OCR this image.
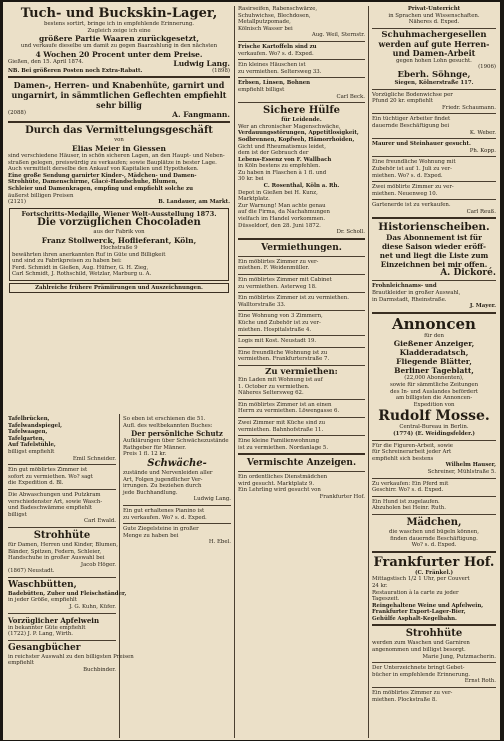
Tuch- und Buckskin-Lager,

bestens sortirt, bringe ich in empfehlende Erinnerung.

Zugleich zeige ich eine

größere Partie Waaren zurückgesetzt,

und verkaufe dieselbe um damit zu gegen Baarzahlung in den nächsten

4 Wochen 20 Procent unter dem Preise.

Gießen, den 15. April 1874.	Ludwig Lang.

NB. Bei größeren Posten noch Extra-Rabatt.	(1898)

Damen-, Herren- und Knabenhüte, garnirt und ungarnirt, in sämmtlichen Geflechten empfiehlt sehr billig

(2088)	A. Fangmann.
Durch das Vermittelungsgeschäft

von

Elias Meier in Giessen

sind verschiedene Häuser, in schön sicheren Lagen, an den Haupt- und Neben-

straßen gelegen, preiswürdig zu verkaufen; sowie Bauplätze in bester Lage.

Auch vermittelt derselbe den Ankauf von Kapitalien und Hypotheken.

Eine große Sendung garnirter Kinder-, Mädchen- und Damen-

Strohhüte, Damenschirme, Glacé-Handschuhe, Blumen,

Schleier und Damenkragen, empfing und empfiehlt solche zu

äußerst billigen Preisen

(2121)	B. Landauer, am Markt.

Fortschritts-Medaille, Wiener Welt-Ausstellung 1873.

Die vorzüglichen Chocoladen

aus der Fabrik von

Franz Stollwerck, Hoflieferant, Köln,

Hochstraße 9

bewährten ihren anerkannten Ruf in Güte und Billigkeit

und sind zu Fabrikpreisen zu haben bei:

Ferd. Schmidt in Gießen, Aug. Hüfner, G. H. Zieg,

Carl Schmidt, J. Rothschild, Wetzlar, Marburg u. A.

Zahlreiche frühere Prämiirungen und Auszeichnungen.

Tafelbrücken,

Tafelwandspiegel,

Tafelwaagen,

Tafelgarten,

Auf Tafelstühle,

billigst empfiehlt

Emil Schneider.

Ein gut möblirtes Zimmer ist

sofort zu vermiethen. Wo? sagt

die Expedition d. Bl.

Die Abwaschungen und Putzkram

verschiedenster Art, sowie Wasch-

und Badeschwämme empfiehlt

billigst

Carl Ewald.

Strohhüte

für Damen, Herren und Kinder, Blumen,

Bänder, Spitzen, Federn, Schleier,

Handschuhe in großer Auswahl bei

Jacob Höger.

(1867) Neustadt.

Waschbütten,

Badebütten, Zuber und Fleischständer,

in jeder Größe, empfiehlt

J. G. Kuhn, Küfer.

Vorzüglicher Apfelwein

in bekannter Güte empfiehlt

(1722) J. P. Lang, Wirth.

Gesangbücher

in reichster Auswahl zu den billigsten Preisen

empfiehlt

Buchbinder.

So eben ist erschienen die 51.

Aufl. des weltbekannten Buches:

Der persönliche Schutz

Aufklärungen über Schwächezustände

Rathgeber für Männer.

Preis 1 fl. 12 kr.

Schwäche-

zustände und Nervenleiden aller

Art, Folgen jugendlicher Ver-

irrungen. Zu beziehen durch

jede Buchhandlung.

Ludwig Lang.

Ein gut erhaltenes Pianino ist

zu verkaufen. Wo? s. d. Exped.

Gute Ziegelsteine in großer

Menge zu haben bei

H. Ebel.

Rasirseifen, Rabenschwärze,

Schuhwichse, Blechdosen,

Metallputzpomade,

Kölnisch Wasser bei

Aug. Weil, Sternstr.

Frische Kartoffeln sind zu

verkaufen. Wo? s. d. Exped.

Ein kleines Häuschen ist

zu vermiethen. Seltersweg 33.

Erbsen, Linsen, Bohnen

empfiehlt billigst

Carl Beck.

Sichere Hülfe

für Leidende.

Wer an chronischer Magenschwäche,

Verdauungsstörungen, Appetitlosigkeit,

Sodbrennen, Kopfweh, Hämorrhoiden,

Gicht und Rheumatismus leidet,

dem ist der Gebrauch der

Lebens-Essenz von F. Wallbach

in Köln bestens zu empfehlen.

Zu haben in Flaschen à 1 fl. und

30 kr. bei

C. Rosenthal, Köln a. Rh.

Depot in Gießen bei H. Kunz,

Marktplatz.

Zur Warnung! Man achte genau

auf die Firma, da Nachahmungen

vielfach im Handel vorkommen.

Düsseldorf, den 28. Juni 1872.

Dr. Scholl.

Vermiethungen.

Ein möblirtes Zimmer zu ver-

miethen. F. Weidenmüller.

Ein möblirtes Zimmer mit Cabinet

zu vermiethen. Asterweg 18.

Ein möblirtes Zimmer ist zu vermiethen.

Walltorstraße 33.

Eine Wohnung von 3 Zimmern,

Küche und Zubehör ist zu ver-

miethen. Hospitalstraße 4.

Logis mit Kost. Neustadt 19.

Eine freundliche Wohnung ist zu

vermiethen. Frankfurterstraße 7.

Zu vermiethen:

Ein Laden mit Wohnung ist auf

1. October zu vermiethen.

Näheres Seltersweg 62.

Ein möblirtes Zimmer ist an einen

Herrn zu vermiethen. Löwengasse 6.

Zwei Zimmer mit Küche sind zu

vermiethen. Bahnhofstraße 11.

Eine kleine Familienwohnung

ist zu vermiethen. Nordanlage 5.

Vermischte Anzeigen.

Ein ordentliches Dienstmädchen

wird gesucht. Marktplatz 9.

Ein Lehrling wird gesucht von

Frankfurter Hof.

Privat-Unterricht

in Sprachen und Wissenschaften.

Näheres d. Exped.

Schuhmachergesellen
werden auf gute Herren-
und Damen-Arbeit

gegen hohen Lohn gesucht.

(1906)

Eberh. Söhnge,

Siegen, Kölnerstraße 117.

Vorzügliche Bodenwichse per

Pfund 20 kr. empfiehlt

Friedr. Schaumann.

Ein tüchtiger Arbeiter findet

dauernde Beschäftigung bei

K. Weber.

Maurer und Steinhauer gesucht.

Ph. Kopp.

Eine freundliche Wohnung mit

Zubehör ist auf 1. Juli zu ver-

miethen. Wo? s. d. Exped.

Zwei möblirte Zimmer zu ver-

miethen. Neuenweg 10.

Gartenerde ist zu verkaufen.

Carl Reuß.

Historienscheiben.
Das Abonnement ist für
diese Saison wieder eröff-
net und liegt die Liste zum
Einzeichnen bei mir offen.
A. Dickoré.

Frohnleichnams- und

Brautkleider in großer Auswahl,

in Darmstadt, Rheinstraße.

J. Mayer.

Annoncen

für den

Gießener Anzeiger,
Kladderadatsch,
Fliegende Blätter,
Berliner Tageblatt,

(22,000 Abonnenten),

sowie für sämmtliche Zeitungen

des In- und Auslandes befördert

am billigsten die Annoncen-

Expedition von

Rudolf Mosse.

Central-Bureau in Berlin.

(1774) (E. Weidingsfelder.)

Für die Figuren-Arbeit, sowie

für Schreinerarbeit jeder Art

empfiehlt sich bestens

Wilhelm Hauser,

Schreiner, Mühlstraße 5.

Zu verkaufen: Ein Pferd mit

Geschirr. Wo? s. d. Exped.

Ein Hund ist zugelaufen.

Abzuholen bei Heinr. Ruth.

Mädchen,

die waschen und bügeln können,

finden dauernde Beschäftigung.

Wo? s. d. Exped.

Frankfurter Hof.

(C. Fränkel.)

Mittagstisch 1/2 1 Uhr, per Couvert

24 kr.

Restauration à la carte zu jeder

Tageszeit.

Reingehaltene Weine und Apfelwein,

Frankfurter Export-Lager-Bier,

Gehülfe Asphalt-Kegelbahn.

Strohhüte

werden zum Waschen und Garniren

angenommen und billigst besorgt.

Marie Jung, Putzmacherin.

Der Unterzeichnete bringt Gebet-

bücher in empfehlende Erinnerung.

Ernst Roth.

Ein möblirtes Zimmer zu ver-

miethen. Plockstraße 8.
